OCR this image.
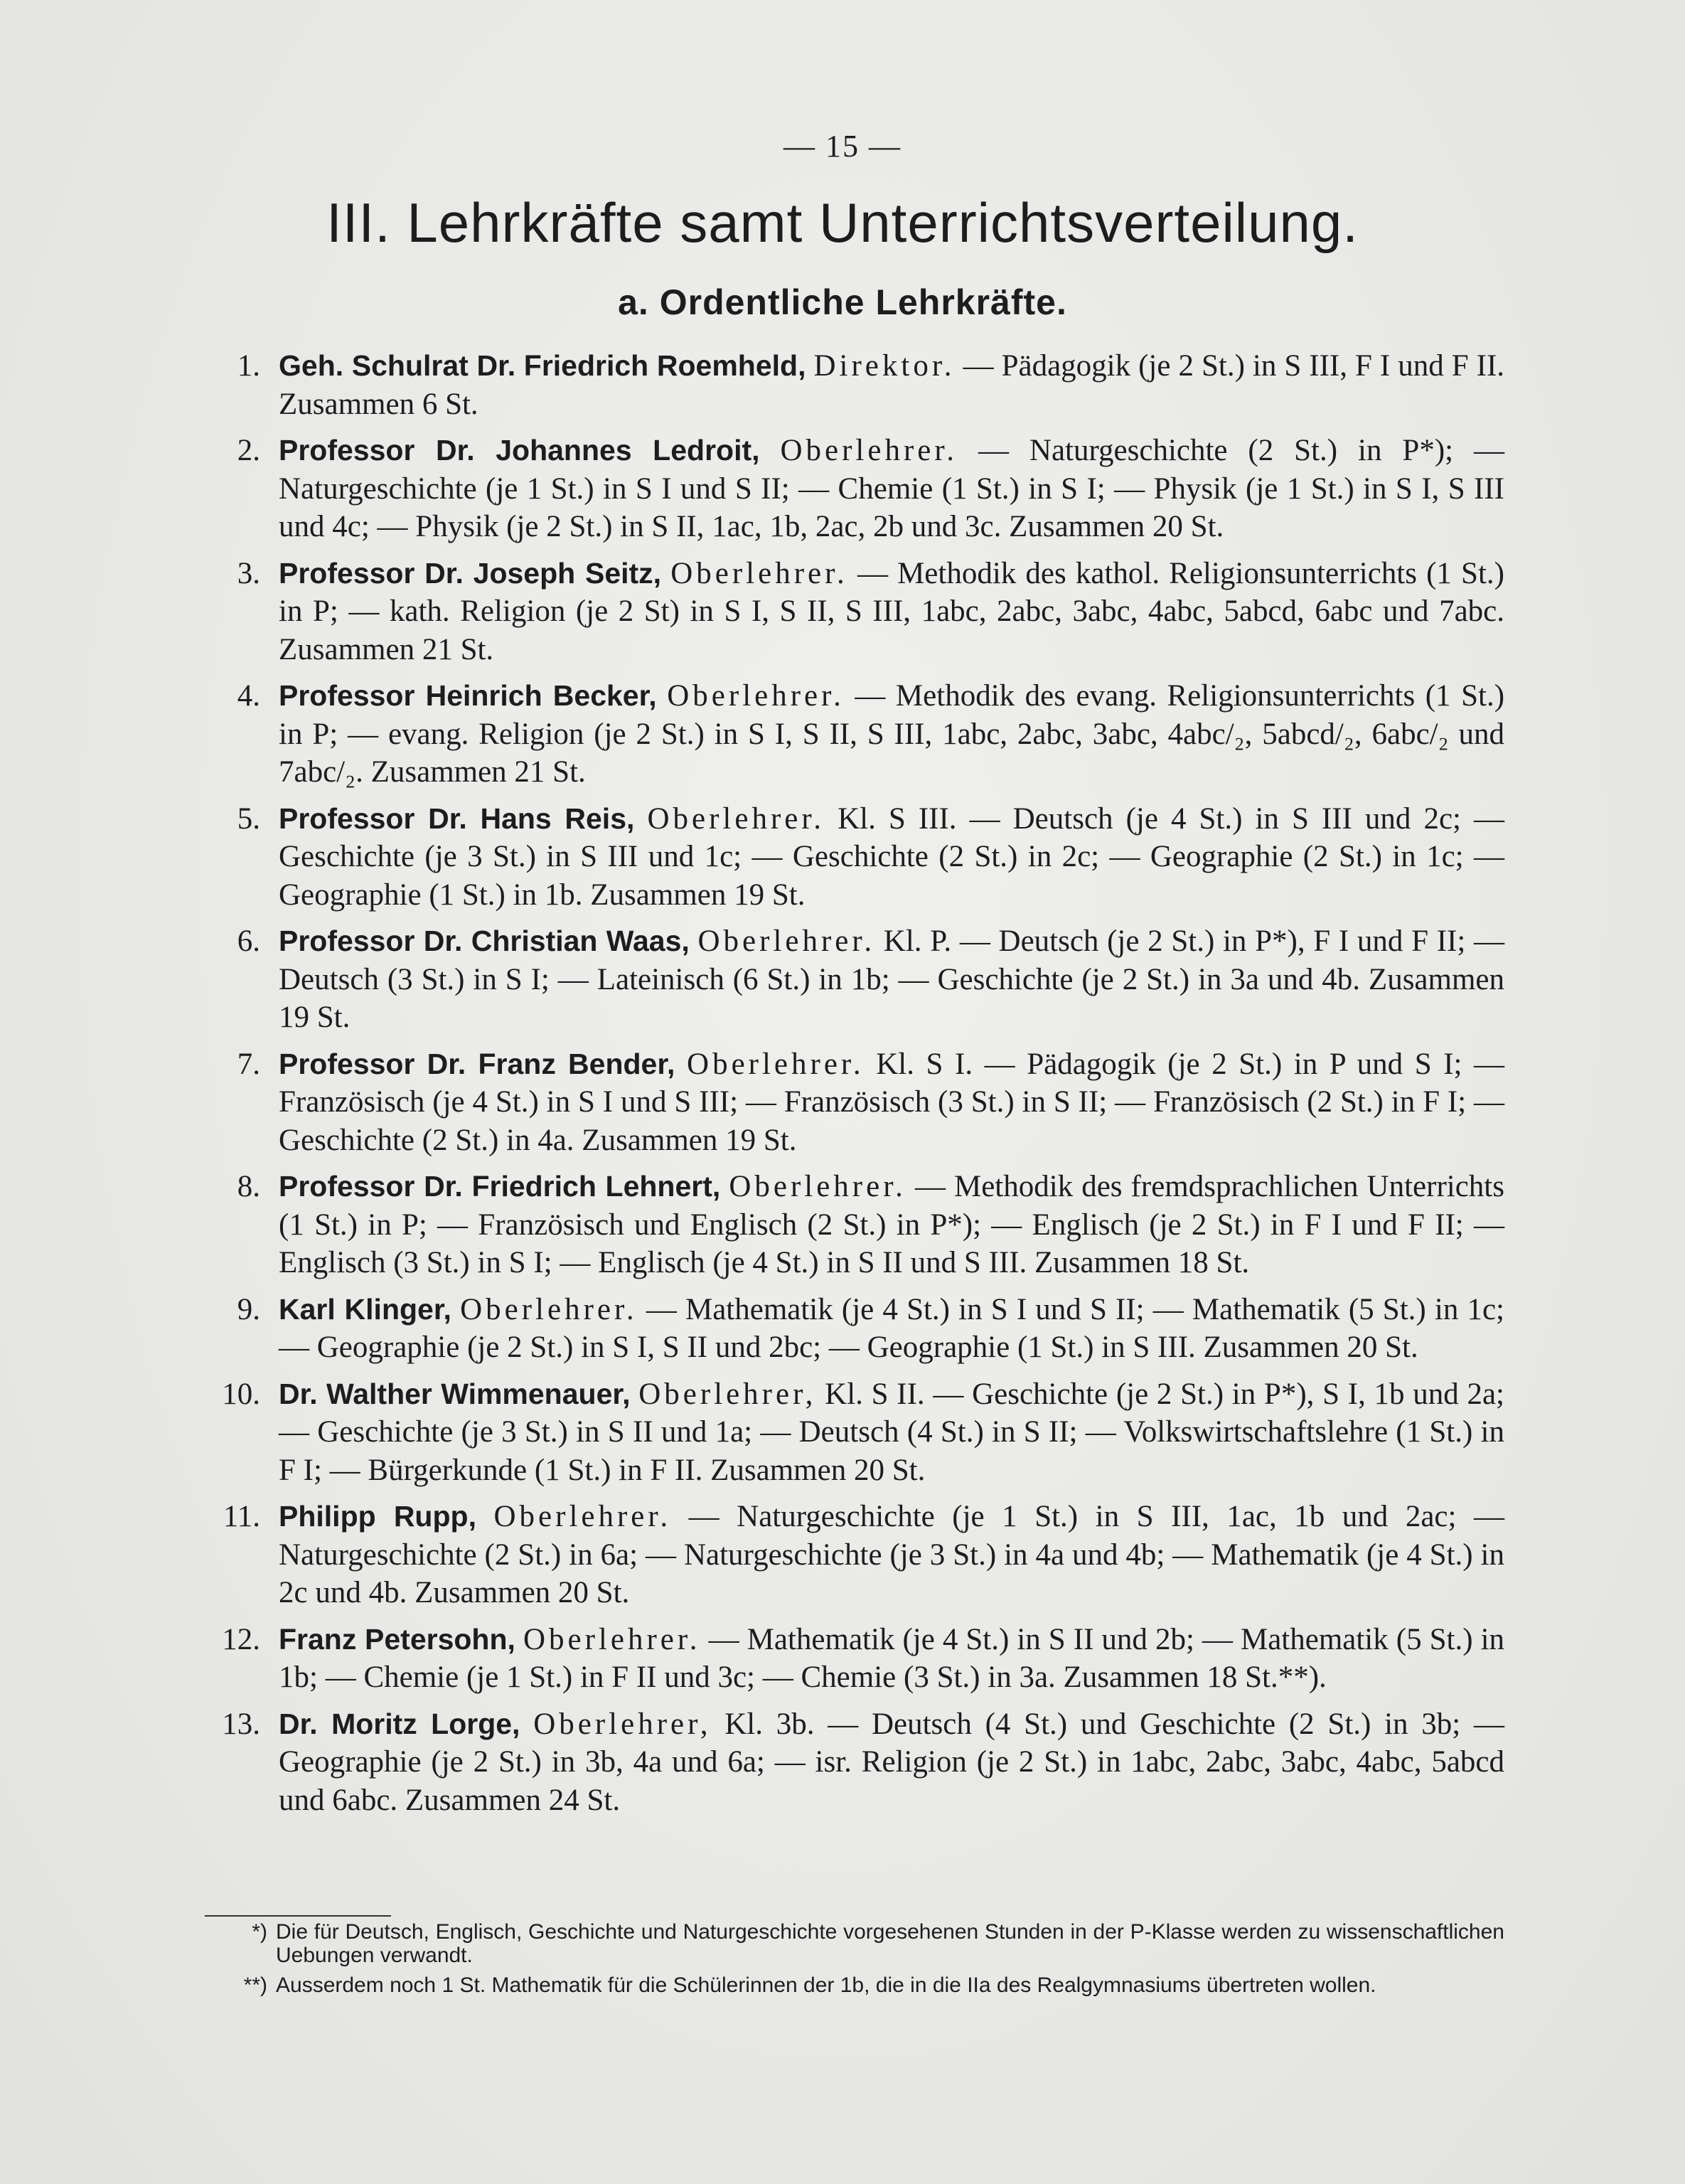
— 15 —
III. Lehrkräfte samt Unterrichtsverteilung.
a. Ordentliche Lehrkräfte.
1. Geh. Schulrat Dr. Friedrich Roemheld, Direktor. — Pädagogik (je 2 St.) in S III, F I und F II. Zusammen 6 St.
2. Professor Dr. Johannes Ledroit, Oberlehrer. — Naturgeschichte (2 St.) in P*); — Naturgeschichte (je 1 St.) in S I und S II; — Chemie (1 St.) in S I; — Physik (je 1 St.) in S I, S III und 4c; — Physik (je 2 St.) in S II, 1ac, 1b, 2ac, 2b und 3c. Zusammen 20 St.
3. Professor Dr. Joseph Seitz, Oberlehrer. — Methodik des kathol. Religionsunterrichts (1 St.) in P; — kath. Religion (je 2 St) in S I, S II, S III, 1abc, 2abc, 3abc, 4abc, 5abcd, 6abc und 7abc. Zusammen 21 St.
4. Professor Heinrich Becker, Oberlehrer. — Methodik des evang. Religionsunterrichts (1 St.) in P; — evang. Religion (je 2 St.) in S I, S II, S III, 1abc, 2abc, 3abc, 4abc/₂, 5abcd/₂, 6abc/₂ und 7abc/₂. Zusammen 21 St.
5. Professor Dr. Hans Reis, Oberlehrer. Kl. S III. — Deutsch (je 4 St.) in S III und 2c; — Geschichte (je 3 St.) in S III und 1c; — Geschichte (2 St.) in 2c; — Geographie (2 St.) in 1c; — Geographie (1 St.) in 1b. Zusammen 19 St.
6. Professor Dr. Christian Waas, Oberlehrer. Kl. P. — Deutsch (je 2 St.) in P*), F I und F II; — Deutsch (3 St.) in S I; — Lateinisch (6 St.) in 1b; — Geschichte (je 2 St.) in 3a und 4b. Zusammen 19 St.
7. Professor Dr. Franz Bender, Oberlehrer. Kl. S I. — Pädagogik (je 2 St.) in P und S I; — Französisch (je 4 St.) in S I und S III; — Französisch (3 St.) in S II; — Französisch (2 St.) in F I; — Geschichte (2 St.) in 4a. Zusammen 19 St.
8. Professor Dr. Friedrich Lehnert, Oberlehrer. — Methodik des fremdsprachlichen Unterrichts (1 St.) in P; — Französisch und Englisch (2 St.) in P*); — Englisch (je 2 St.) in F I und F II; — Englisch (3 St.) in S I; — Englisch (je 4 St.) in S II und S III. Zusammen 18 St.
9. Karl Klinger, Oberlehrer. — Mathematik (je 4 St.) in S I und S II; — Mathematik (5 St.) in 1c; — Geographie (je 2 St.) in S I, S II und 2bc; — Geographie (1 St.) in S III. Zusammen 20 St.
10. Dr. Walther Wimmenauer, Oberlehrer, Kl. S II. — Geschichte (je 2 St.) in P*), S I, 1b und 2a; — Geschichte (je 3 St.) in S II und 1a; — Deutsch (4 St.) in S II; — Volkswirtschaftslehre (1 St.) in F I; — Bürgerkunde (1 St.) in F II. Zusammen 20 St.
11. Philipp Rupp, Oberlehrer. — Naturgeschichte (je 1 St.) in S III, 1ac, 1b und 2ac; — Naturgeschichte (2 St.) in 6a; — Naturgeschichte (je 3 St.) in 4a und 4b; — Mathematik (je 4 St.) in 2c und 4b. Zusammen 20 St.
12. Franz Petersohn, Oberlehrer. — Mathematik (je 4 St.) in S II und 2b; — Mathematik (5 St.) in 1b; — Chemie (je 1 St.) in F II und 3c; — Chemie (3 St.) in 3a. Zusammen 18 St.**).
13. Dr. Moritz Lorge, Oberlehrer, Kl. 3b. — Deutsch (4 St.) und Geschichte (2 St.) in 3b; — Geographie (je 2 St.) in 3b, 4a und 6a; — isr. Religion (je 2 St.) in 1abc, 2abc, 3abc, 4abc, 5abcd und 6abc. Zusammen 24 St.
*) Die für Deutsch, Englisch, Geschichte und Naturgeschichte vorgesehenen Stunden in der P-Klasse werden zu wissenschaftlichen Uebungen verwandt.
**) Ausserdem noch 1 St. Mathematik für die Schülerinnen der 1b, die in die IIa des Realgymnasiums übertreten wollen.
